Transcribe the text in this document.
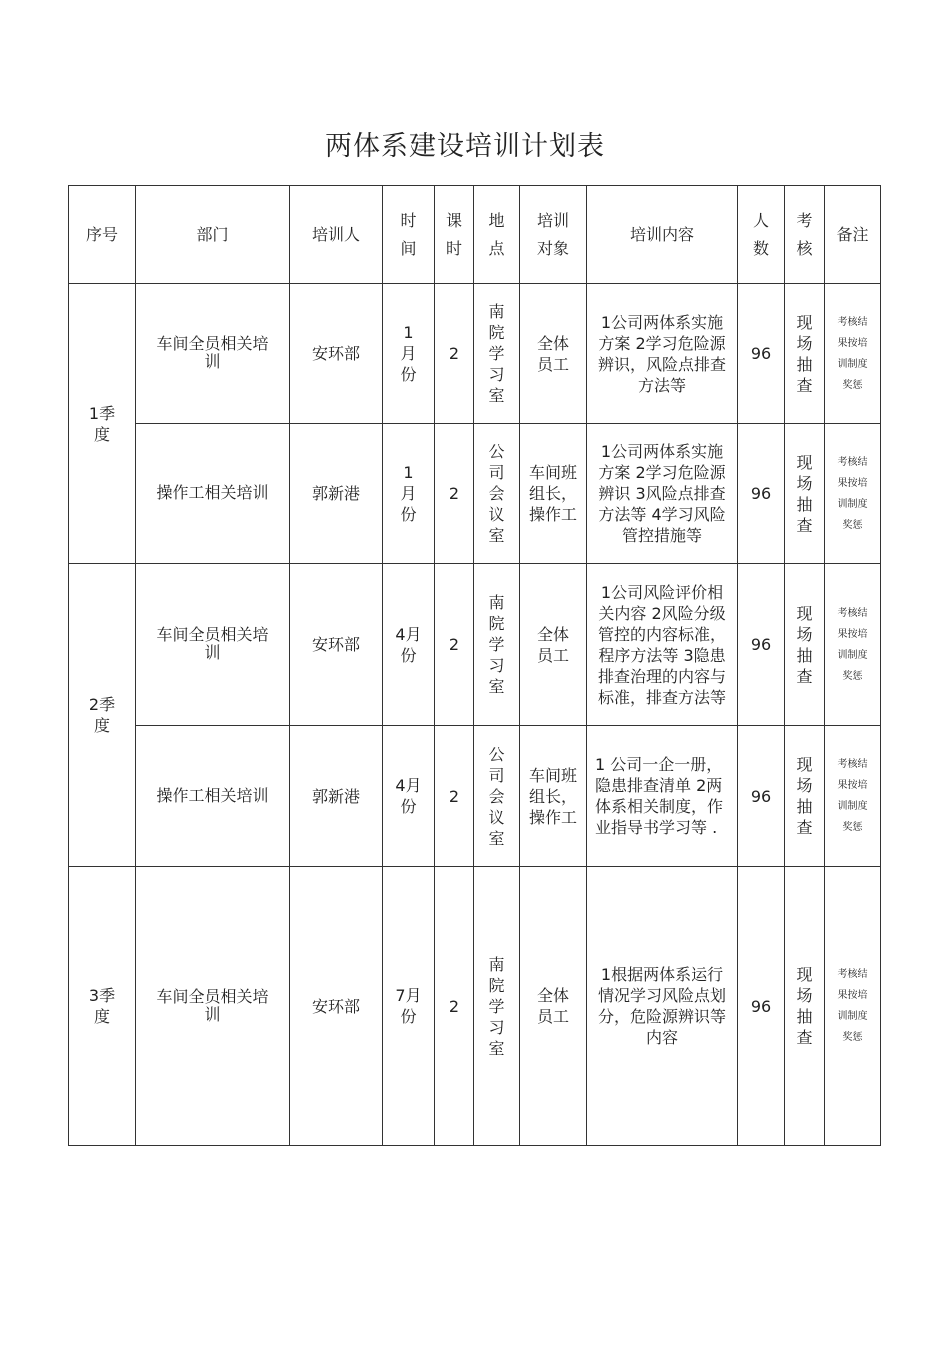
两体系建设培训计划表
序号	部门	培训人	时间	课时	地点	培训对象	培训内容	人数	考核	备注
1季度	车间全员相关培训	安环部	1月份	2	南院学习室	全体员工	1公司两体系实施方案 2学习危险源辨识，风险点排查方法等	96	现场抽查	考核结果按培训制度奖惩

	操作工相关培训	郭新港	1月份	2	公司会议室	车间班组长，操作工	1公司两体系实施方案 2学习危险源辨识 3风险点排查方法等 4学习风险管控措施等	96	现场抽查	考核结果按培训制度奖惩
2季度	车间全员相关培训	安环部	4月份	2	南院学习室	全体员工	1公司风险评价相关内容 2风险分级管控的内容标准，程序方法等 3隐患排查治理的内容与标准，排查方法等	96	现场抽查	考核结果按培训制度奖惩

	操作工相关培训	郭新港	4月份	2	公司会议室	车间班组长，操作工	1 公司一企一册，隐患排查清单 2两体系相关制度，作业指导书学习等 .	96	现场抽查	考核结果按培训制度奖惩
3季度	车间全员相关培训	安环部	7月份	2	南院学习室	全体员工	1根据两体系运行情况学习风险点划分，危险源辨识等内容	96	现场抽查	考核结果按培训制度奖惩
